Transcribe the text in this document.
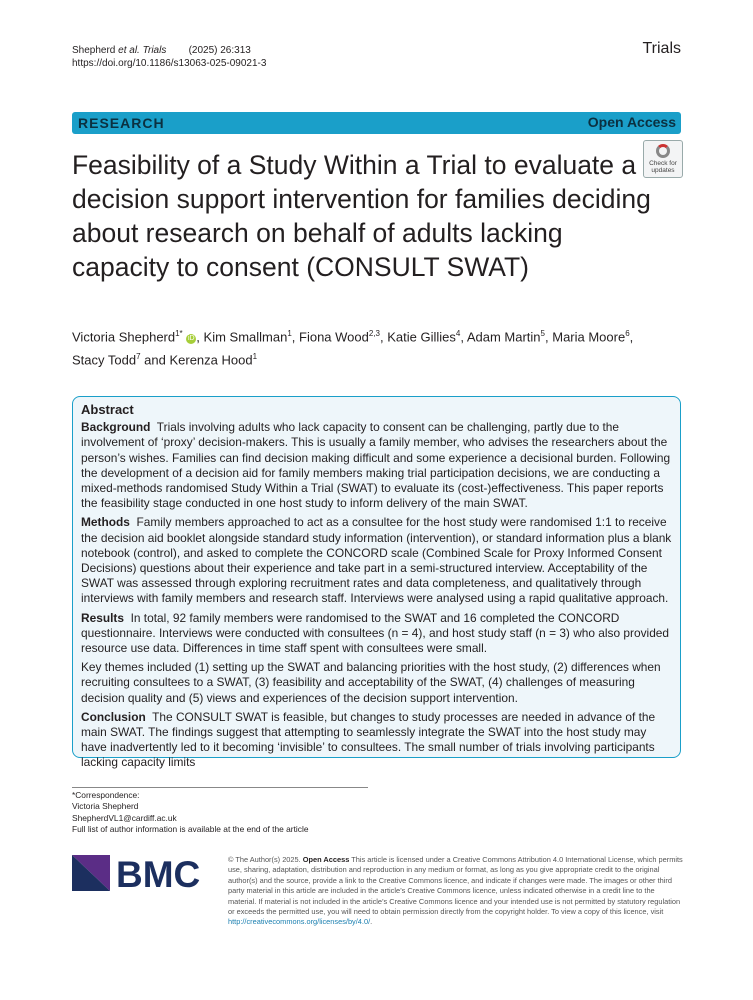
Shepherd et al. Trials (2025) 26:313
https://doi.org/10.1186/s13063-025-09021-3
Trials
RESEARCH	Open Access
Check for
updates
Feasibility of a Study Within a Trial to evaluate a decision support intervention for families deciding about research on behalf of adults lacking capacity to consent (CONSULT SWAT)
Victoria Shepherd$^{1*}$ iD , Kim Smallman$^1$, Fiona Wood$^{2,3}$, Katie Gillies$^4$, Adam Martin$^5$, Maria Moore$^6$,
Stacy Todd$^7$ and Kerenza Hood$^1$
Abstract

Background Trials involving adults who lack capacity to consent can be challenging, partly due to the involvement of ‘proxy’ decision-makers. This is usually a family member, who advises the researchers about the person’s wishes. Families can find decision making difficult and some experience a decisional burden. Following the development of a decision aid for family members making trial participation decisions, we are conducting a mixed-methods randomised Study Within a Trial (SWAT) to evaluate its (cost-)effectiveness. This paper reports the feasibility stage conducted in one host study to inform delivery of the main SWAT.

Methods Family members approached to act as a consultee for the host study were randomised 1:1 to receive the decision aid booklet alongside standard study information (intervention), or standard information plus a blank notebook (control), and asked to complete the CONCORD scale (Combined Scale for Proxy Informed Consent Decisions) questions about their experience and take part in a semi-structured interview. Acceptability of the SWAT was assessed through exploring recruitment rates and data completeness, and qualitatively through interviews with family members and research staff. Interviews were analysed using a rapid qualitative approach.

Results In total, 92 family members were randomised to the SWAT and 16 completed the CONCORD questionnaire. Interviews were conducted with consultees (n = 4), and host study staff (n = 3) who also provided resource use data. Differences in time staff spent with consultees were small.

Key themes included (1) setting up the SWAT and balancing priorities with the host study, (2) differences when recruiting consultees to a SWAT, (3) feasibility and acceptability of the SWAT, (4) challenges of measuring decision quality and (5) views and experiences of the decision support intervention.

Conclusion The CONSULT SWAT is feasible, but changes to study processes are needed in advance of the main SWAT. The findings suggest that attempting to seamlessly integrate the SWAT into the host study may have inadvertently led to it becoming ‘invisible’ to consultees. The small number of trials involving participants lacking capacity limits

*Correspondence:
Victoria Shepherd
ShepherdVL1@cardiff.ac.uk
Full list of author information is available at the end of the article
BMC	© The Author(s) 2025. Open Access This article is licensed under a Creative Commons Attribution 4.0 International License, which permits use, sharing, adaptation, distribution and reproduction in any medium or format, as long as you give appropriate credit to the original author(s) and the source, provide a link to the Creative Commons licence, and indicate if changes were made. The images or other third party material in this article are included in the article’s Creative Commons licence, unless indicated otherwise in a credit line to the material. If material is not included in the article’s Creative Commons licence and your intended use is not permitted by statutory regulation or exceeds the permitted use, you will need to obtain permission directly from the copyright holder. To view a copy of this licence, visit http://creativecommons.org/licenses/by/4.0/.
